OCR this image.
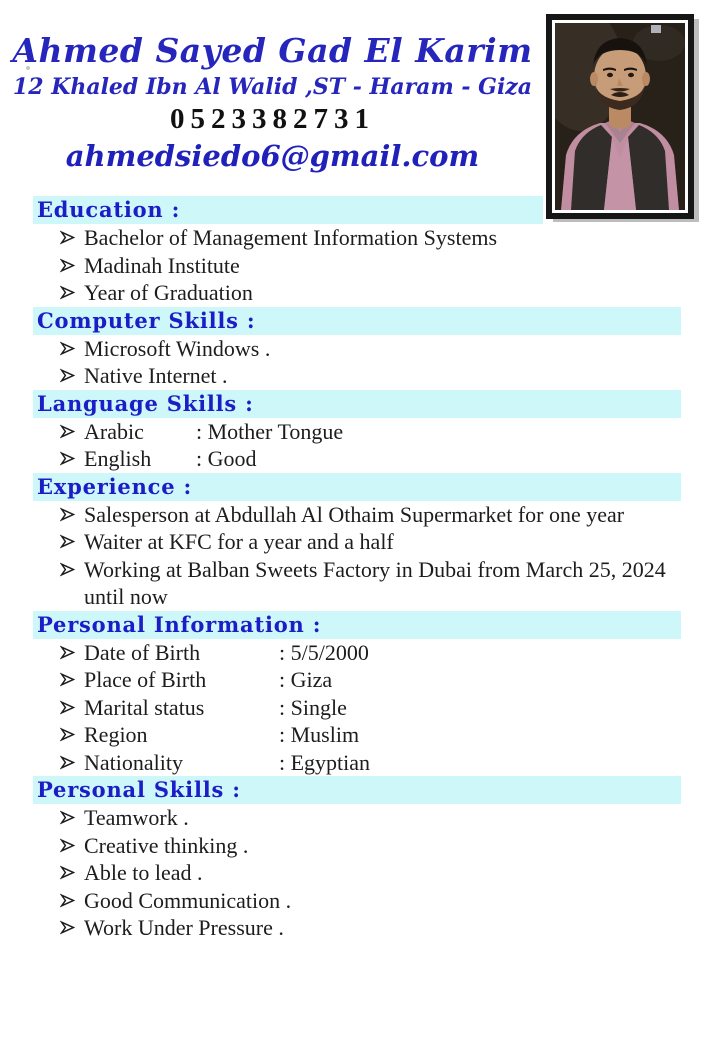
Ahmed Sayed Gad El Karim
12 Khaled Ibn Al Walid ,ST - Haram - Giza
0523382731
ahmedsiedo6@gmail.com
Education :
Bachelor of Management Information Systems
Madinah Institute
Year of Graduation
Computer Skills :
Microsoft Windows .
Native Internet .
Language Skills :
Arabic : Mother Tongue
English : Good
Experience :
Salesperson at Abdullah Al Othaim Supermarket for one year
Waiter at KFC for a year and a half
Working at Balban Sweets Factory in Dubai from March 25, 2024 until now
Personal Information :
Date of Birth	: 5/5/2000
Place of Birth	: Giza
Marital status	: Single
Region	: Muslim
Nationality	: Egyptian
Personal Skills :
Teamwork .
Creative thinking .
Able to lead .
Good Communication .
Work Under Pressure .
